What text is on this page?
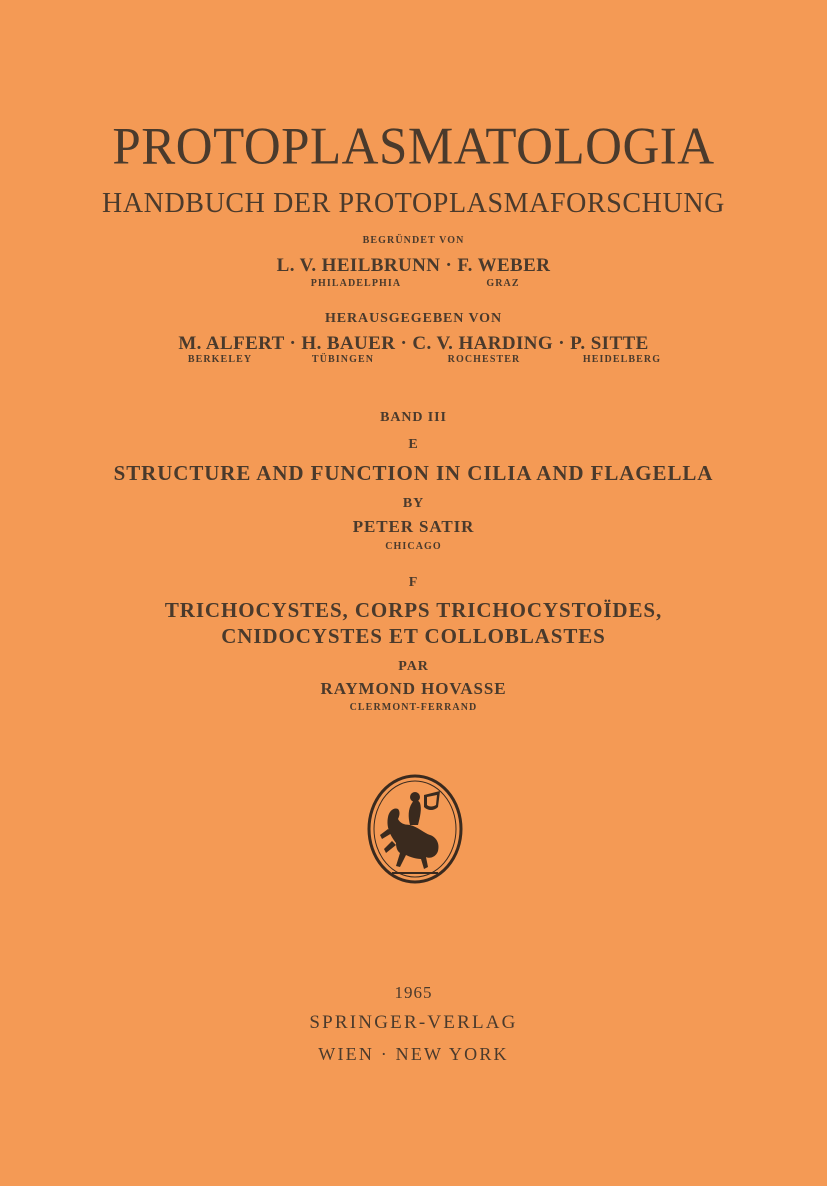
PROTOPLASMATOLOGIA
HANDBUCH DER PROTOPLASMAFORSCHUNG
BEGRÜNDET VON
L. V. HEILBRUNN · F. WEBER
PHILADELPHIA	GRAZ
HERAUSGEGEBEN VON
M. ALFERT · H. BAUER · C. V. HARDING · P. SITTE
BERKELEY	TÜBINGEN	ROCHESTER	HEIDELBERG
BAND III
E
STRUCTURE AND FUNCTION IN CILIA AND FLAGELLA
BY
PETER SATIR
CHICAGO
F
TRICHOCYSTES, CORPS TRICHOCYSTOÏDES,
CNIDOCYSTES ET COLLOBLASTES
PAR
RAYMOND HOVASSE
CLERMONT-FERRAND
1965
SPRINGER-VERLAG
WIEN · NEW YORK
